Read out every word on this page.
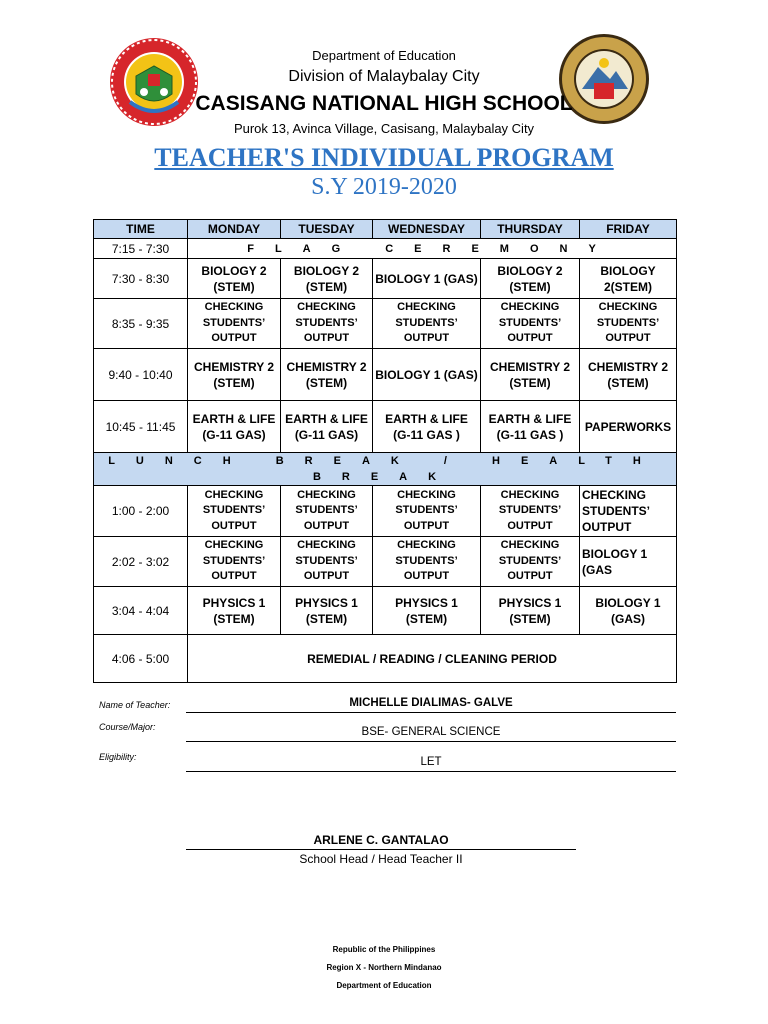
Department of Education
Division of Malaybalay City
CASISANG NATIONAL HIGH SCHOOL
Purok 13, Avinca Village, Casisang, Malaybalay City
TEACHER'S INDIVIDUAL PROGRAM
S.Y 2019-2020
TIME	MONDAY	TUESDAY	WEDNESDAY	THURSDAY	FRIDAY
7:15 - 7:30	FLAG CEREMONY				
7:30 - 8:30	BIOLOGY 2 (STEM)	BIOLOGY 2 (STEM)	BIOLOGY 1 (GAS)	BIOLOGY 2 (STEM)	BIOLOGY 2(STEM)
8:35 - 9:35	CHECKING STUDENTS’ OUTPUT	CHECKING STUDENTS’ OUTPUT	CHECKING STUDENTS’ OUTPUT	CHECKING STUDENTS’ OUTPUT	CHECKING STUDENTS’ OUTPUT
9:40 - 10:40	CHEMISTRY 2 (STEM)	CHEMISTRY 2 (STEM)	BIOLOGY 1 (GAS)	CHEMISTRY 2 (STEM)	CHEMISTRY 2 (STEM)
10:45 - 11:45	EARTH & LIFE (G-11 GAS)	EARTH & LIFE (G-11 GAS)	EARTH & LIFE (G-11 GAS )	EARTH & LIFE (G-11 GAS )	PAPERWORKS
LUNCH BREAK / HEALTH BREAK					
1:00 - 2:00	CHECKING STUDENTS’ OUTPUT	CHECKING STUDENTS’ OUTPUT	CHECKING STUDENTS’ OUTPUT	CHECKING STUDENTS’ OUTPUT	CHECKING STUDENTS’ OUTPUT
2:02 - 3:02	CHECKING STUDENTS’ OUTPUT	CHECKING STUDENTS’ OUTPUT	CHECKING STUDENTS’ OUTPUT	CHECKING STUDENTS’ OUTPUT	BIOLOGY 1 (GAS
3:04 - 4:04	PHYSICS 1 (STEM)	PHYSICS 1 (STEM)	PHYSICS 1 (STEM)	PHYSICS 1 (STEM)	BIOLOGY 1 (GAS)
4:06 - 5:00	REMEDIAL / READING / CLEANING PERIOD				
Name of Teacher:	MICHELLE DIALIMAS- GALVE
Course/Major:	BSE- GENERAL SCIENCE
Eligibility:	LET
ARLENE C. GANTALAO
School Head / Head Teacher II
Republic of the Philippines
Region X - Northern Mindanao
Department of Education
